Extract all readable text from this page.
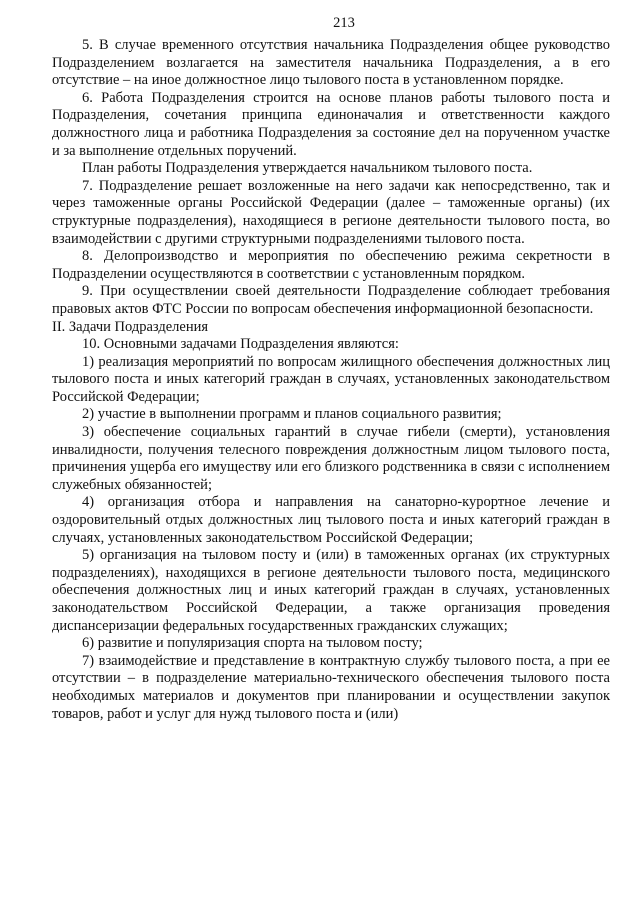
213

5. В случае временного отсутствия начальника Подразделения общее руководство Подразделением возлагается на заместителя начальника Подразделения, а в его отсутствие – на иное должностное лицо тылового поста в установленном порядке.

6. Работа Подразделения строится на основе планов работы тылового поста и Подразделения, сочетания принципа единоначалия и ответственности каждого должностного лица и работника Подразделения за состояние дел на порученном участке и за выполнение отдельных поручений.

План работы Подразделения утверждается начальником тылового поста.

7. Подразделение решает возложенные на него задачи как непосредственно, так и через таможенные органы Российской Федерации (далее – таможенные органы) (их структурные подразделения), находящиеся в регионе деятельности тылового поста, во взаимодействии с другими структурными подразделениями тылового поста.

8. Делопроизводство и мероприятия по обеспечению режима секретности в Подразделении осуществляются в соответствии с установленным порядком.

9. При осуществлении своей деятельности Подразделение соблюдает требования правовых актов ФТС России по вопросам обеспечения информационной безопасности.

II. Задачи Подразделения

10. Основными задачами Подразделения являются:

1) реализация мероприятий по вопросам жилищного обеспечения должностных лиц тылового поста и иных категорий граждан в случаях, установленных законодательством Российской Федерации;

2) участие в выполнении программ и планов социального развития;

3) обеспечение социальных гарантий в случае гибели (смерти), установления инвалидности, получения телесного повреждения должностным лицом тылового поста, причинения ущерба его имуществу или его близкого родственника в связи с исполнением служебных обязанностей;

4) организация отбора и направления на санаторно-курортное лечение и оздоровительный отдых должностных лиц тылового поста и иных категорий граждан в случаях, установленных законодательством Российской Федерации;

5) организация на тыловом посту и (или) в таможенных органах (их структурных подразделениях), находящихся в регионе деятельности тылового поста, медицинского обеспечения должностных лиц и иных категорий граждан в случаях, установленных законодательством Российской Федерации, а также организация проведения диспансеризации федеральных государственных гражданских служащих;

6) развитие и популяризация спорта на тыловом посту;

7) взаимодействие и представление в контрактную службу тылового поста, а при ее отсутствии – в подразделение материально-технического обеспечения тылового поста необходимых материалов и документов при планировании и осуществлении закупок товаров, работ и услуг для нужд тылового поста и (или)
